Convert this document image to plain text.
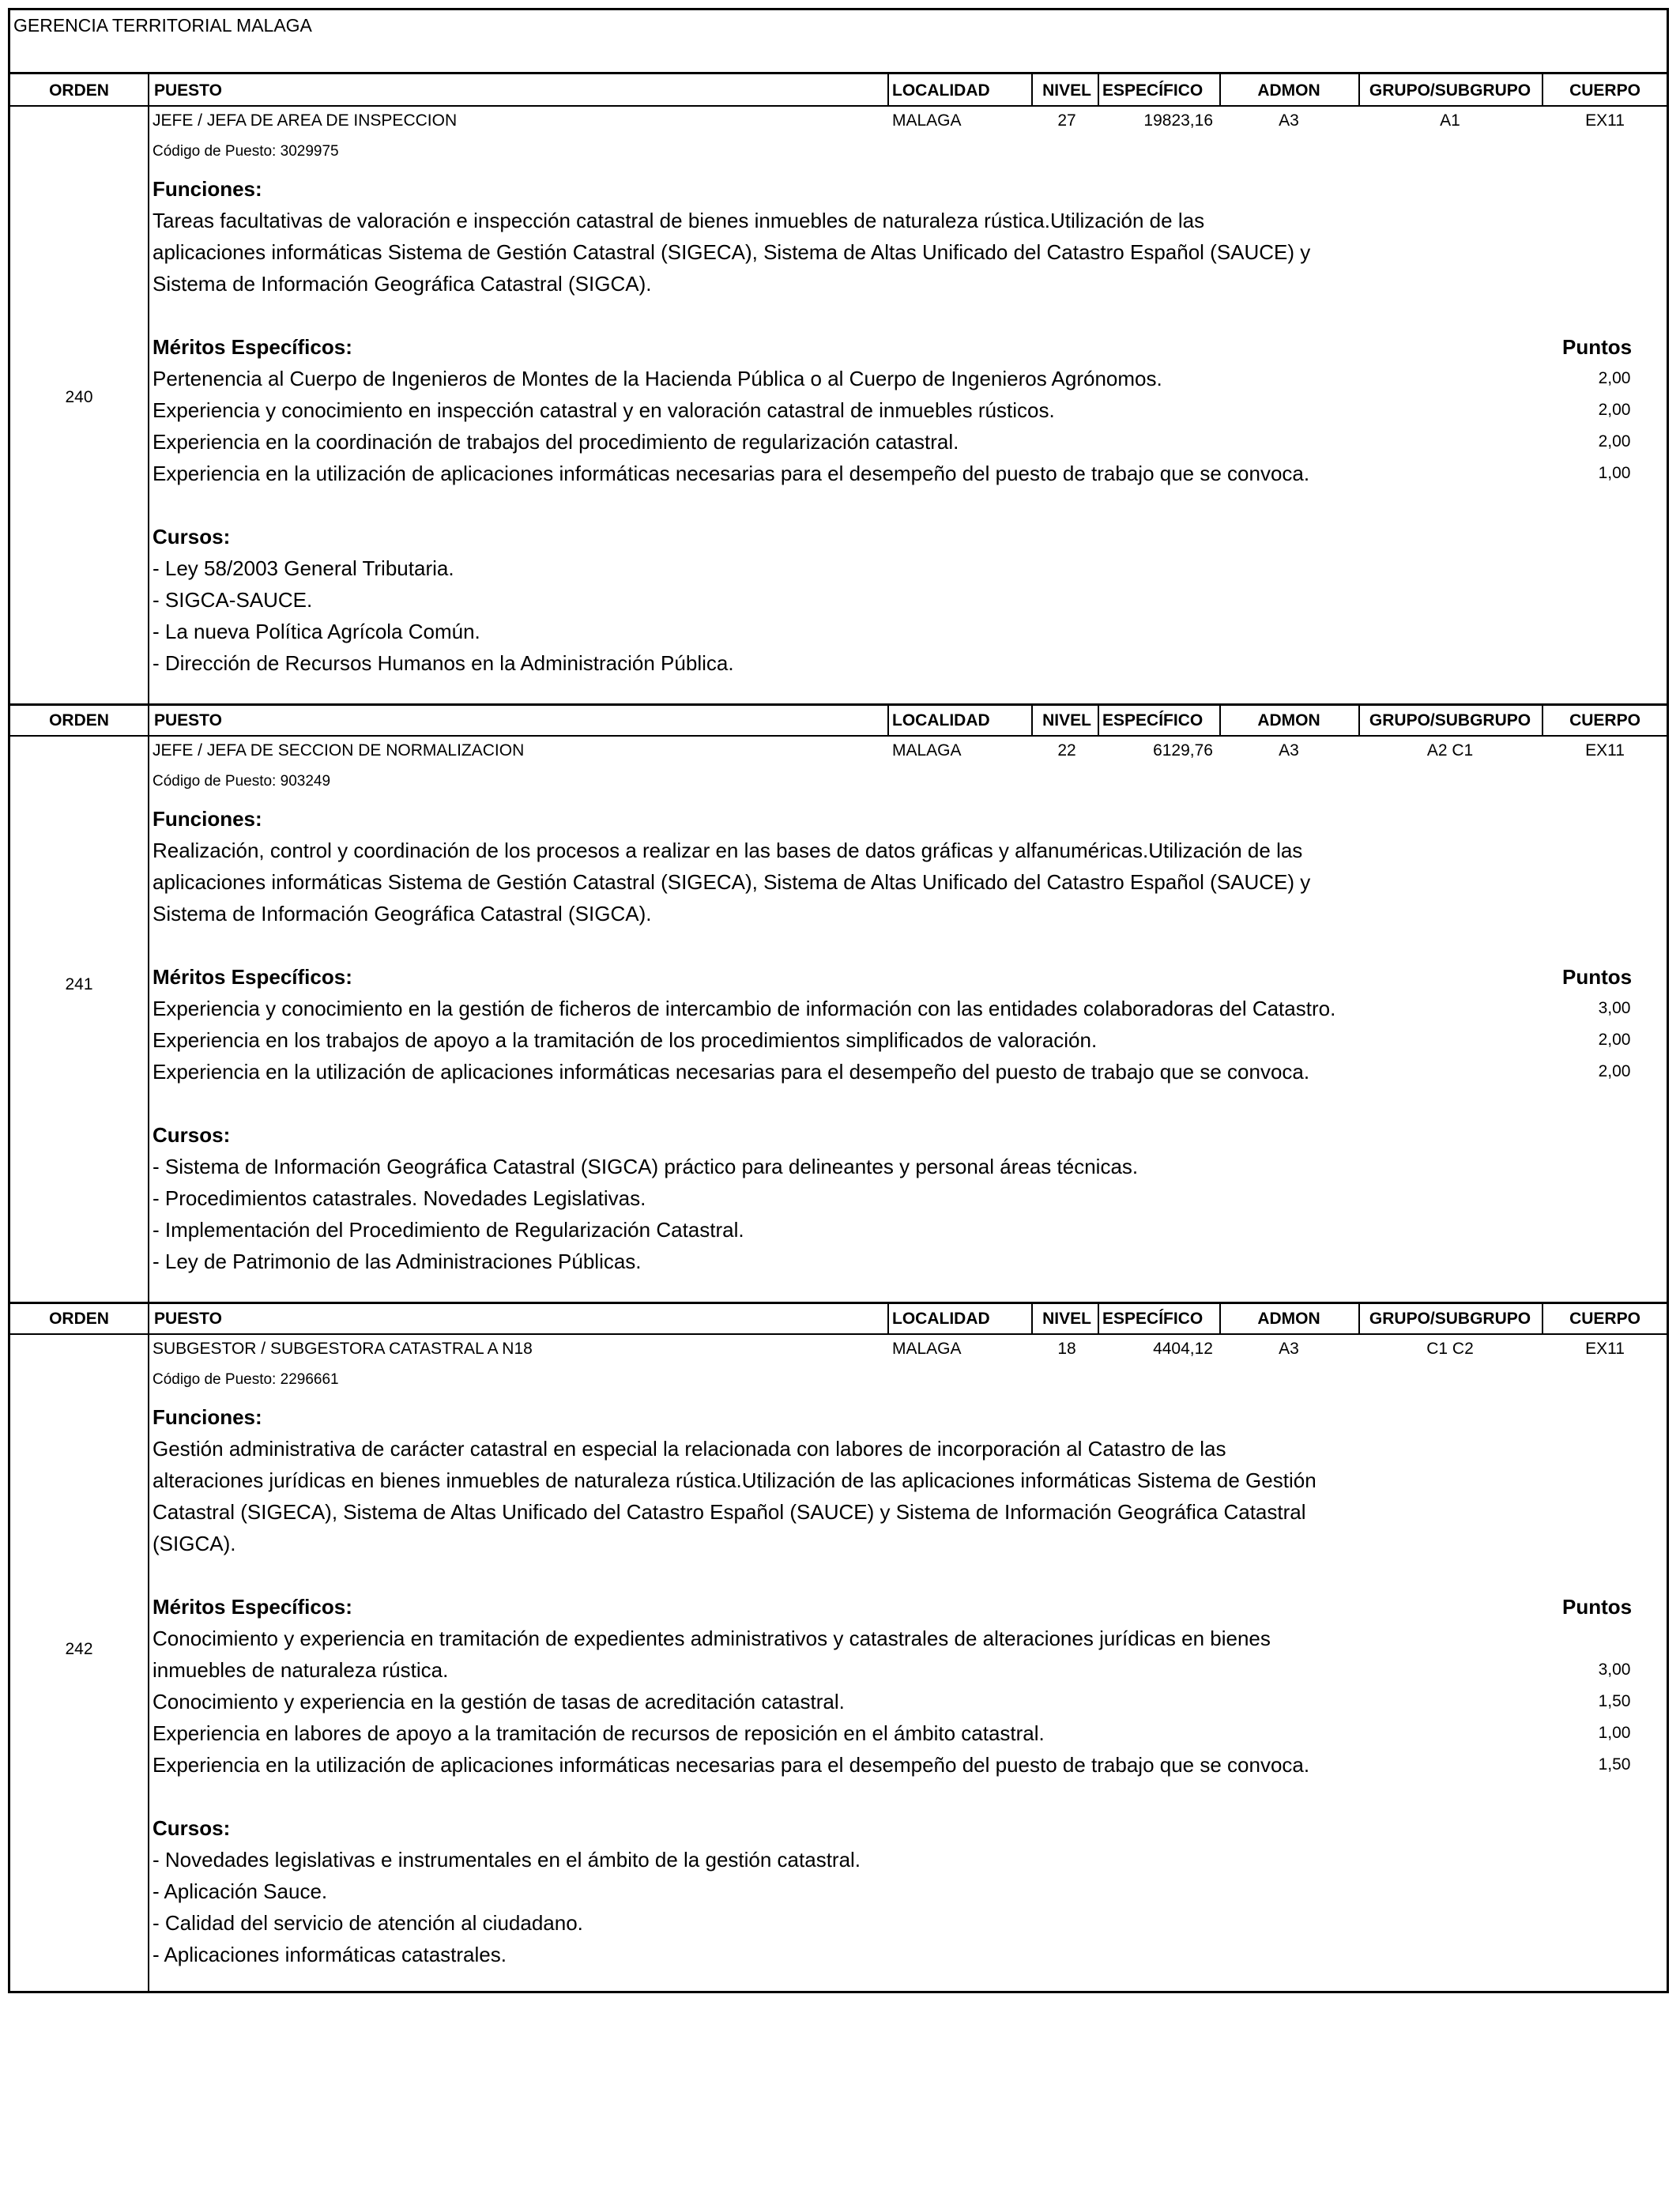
GERENCIA TERRITORIAL MALAGA
ORDEN	PUESTO	LOCALIDAD	NIVEL ESPECÍFICO	ADMON	GRUPO/SUBGRUPO	CUERPO
240
JEFE / JEFA DE AREA DE INSPECCION	MALAGA	27	19823,16	A3	A1	EX11
Código de Puesto: 3029975

Funciones:

Tareas facultativas de valoración e inspección catastral de bienes inmuebles de naturaleza rústica.Utilización de las

aplicaciones informáticas Sistema de Gestión Catastral (SIGECA), Sistema de Altas Unificado del Catastro Español (SAUCE) y

Sistema de Información Geográfica Catastral (SIGCA).

Méritos Específicos:	Puntos

Pertenencia al Cuerpo de Ingenieros de Montes de la Hacienda Pública o al Cuerpo de Ingenieros Agrónomos.	2,00

Experiencia y conocimiento en inspección catastral y en valoración catastral de inmuebles rústicos.	2,00

Experiencia en la coordinación de trabajos del procedimiento de regularización catastral.	2,00

Experiencia en la utilización de aplicaciones informáticas necesarias para el desempeño del puesto de trabajo que se convoca.	1,00

Cursos:

- Ley 58/2003 General Tributaria.

- SIGCA-SAUCE.

- La nueva Política Agrícola Común.

- Dirección de Recursos Humanos en la Administración Pública.

ORDEN	PUESTO	LOCALIDAD	NIVEL ESPECÍFICO	ADMON	GRUPO/SUBGRUPO	CUERPO
241
JEFE / JEFA DE SECCION DE NORMALIZACION	MALAGA	22	6129,76	A3	A2 C1	EX11
Código de Puesto: 903249

Funciones:

Realización, control y coordinación de los procesos a realizar en las bases de datos gráficas y alfanuméricas.Utilización de las

aplicaciones informáticas Sistema de Gestión Catastral (SIGECA), Sistema de Altas Unificado del Catastro Español (SAUCE) y

Sistema de Información Geográfica Catastral (SIGCA).

Méritos Específicos:	Puntos

Experiencia y conocimiento en la gestión de ficheros de intercambio de información con las entidades colaboradoras del Catastro.	3,00

Experiencia en los trabajos de apoyo a la tramitación de los procedimientos simplificados de valoración.	2,00

Experiencia en la utilización de aplicaciones informáticas necesarias para el desempeño del puesto de trabajo que se convoca.	2,00

Cursos:

- Sistema de Información Geográfica Catastral (SIGCA) práctico para delineantes y personal áreas técnicas.

- Procedimientos catastrales. Novedades Legislativas.

- Implementación del Procedimiento de Regularización Catastral.

- Ley de Patrimonio de las Administraciones Públicas.

ORDEN	PUESTO	LOCALIDAD	NIVEL ESPECÍFICO	ADMON	GRUPO/SUBGRUPO	CUERPO
242
SUBGESTOR / SUBGESTORA CATASTRAL A N18	MALAGA	18	4404,12	A3	C1 C2	EX11
Código de Puesto: 2296661

Funciones:

Gestión administrativa de carácter catastral en especial la relacionada con labores de incorporación al Catastro de las

alteraciones jurídicas en bienes inmuebles de naturaleza rústica.Utilización de las aplicaciones informáticas Sistema de Gestión

Catastral (SIGECA), Sistema de Altas Unificado del Catastro Español (SAUCE) y Sistema de Información Geográfica Catastral

(SIGCA).

Méritos Específicos:	Puntos

Conocimiento y experiencia en tramitación de expedientes administrativos y catastrales de alteraciones jurídicas en bienes

inmuebles de naturaleza rústica.	3,00

Conocimiento y experiencia en la gestión de tasas de acreditación catastral.	1,50

Experiencia en labores de apoyo a la tramitación de recursos de reposición en el ámbito catastral.	1,00

Experiencia en la utilización de aplicaciones informáticas necesarias para el desempeño del puesto de trabajo que se convoca.	1,50

Cursos:

- Novedades legislativas e instrumentales en el ámbito de la gestión catastral.

- Aplicación Sauce.

- Calidad del servicio de atención al ciudadano.

- Aplicaciones informáticas catastrales.
